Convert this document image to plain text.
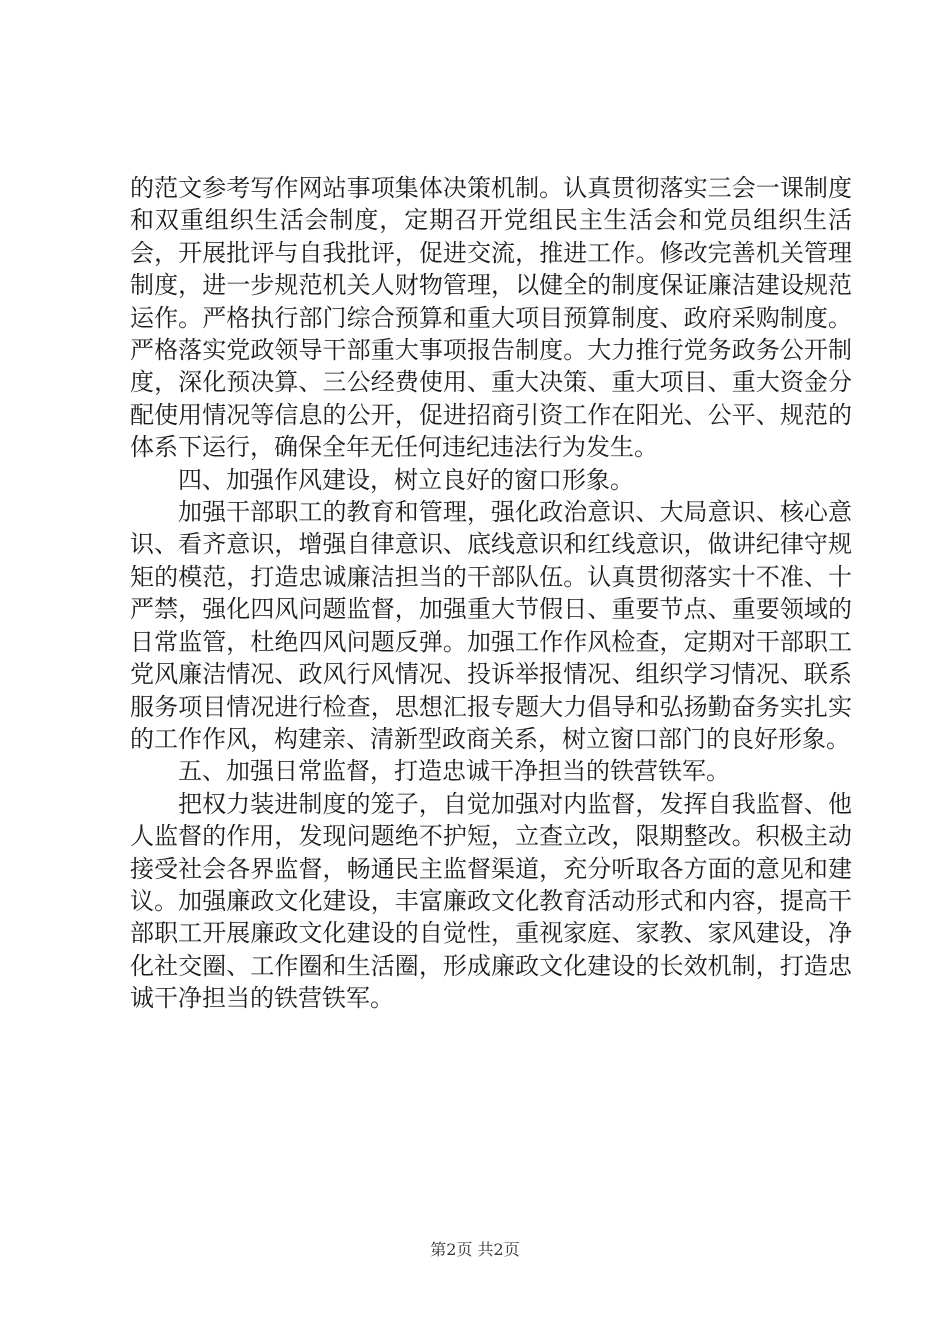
的范文参考写作网站事项集体决策机制。认真贯彻落实三会一课制度和双重组织生活会制度，定期召开党组民主生活会和党员组织生活会，开展批评与自我批评，促进交流，推进工作。修改完善机关管理制度，进一步规范机关人财物管理，以健全的制度保证廉洁建设规范运作。严格执行部门综合预算和重大项目预算制度、政府采购制度。严格落实党政领导干部重大事项报告制度。大力推行党务政务公开制度，深化预决算、三公经费使用、重大决策、重大项目、重大资金分配使用情况等信息的公开，促进招商引资工作在阳光、公平、规范的体系下运行，确保全年无任何违纪违法行为发生。

四、加强作风建设，树立良好的窗口形象。

加强干部职工的教育和管理，强化政治意识、大局意识、核心意识、看齐意识，增强自律意识、底线意识和红线意识，做讲纪律守规矩的模范，打造忠诚廉洁担当的干部队伍。认真贯彻落实十不准、十严禁，强化四风问题监督，加强重大节假日、重要节点、重要领域的日常监管，杜绝四风问题反弹。加强工作作风检查，定期对干部职工党风廉洁情况、政风行风情况、投诉举报情况、组织学习情况、联系服务项目情况进行检查，思想汇报专题大力倡导和弘扬勤奋务实扎实的工作作风，构建亲、清新型政商关系，树立窗口部门的良好形象。

五、加强日常监督，打造忠诚干净担当的铁营铁军。

把权力装进制度的笼子，自觉加强对内监督，发挥自我监督、他人监督的作用，发现问题绝不护短，立查立改，限期整改。积极主动接受社会各界监督，畅通民主监督渠道，充分听取各方面的意见和建议。加强廉政文化建设，丰富廉政文化教育活动形式和内容，提高干部职工开展廉政文化建设的自觉性，重视家庭、家教、家风建设，净化社交圈、工作圈和生活圈，形成廉政文化建设的长效机制，打造忠诚干净担当的铁营铁军。

第2页 共2页
